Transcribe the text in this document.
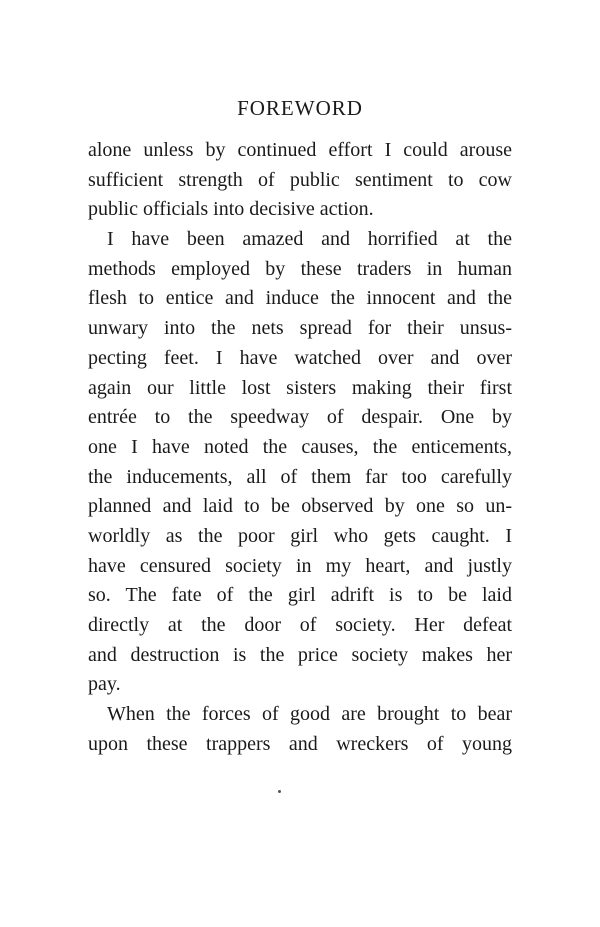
FOREWORD
alone unless by continued effort I could arouse
sufficient strength of public sentiment to cow
public officials into decisive action.
I have been amazed and horrified at the
methods employed by these traders in human
flesh to entice and induce the innocent and the
unwary into the nets spread for their unsus-
pecting feet. I have watched over and over
again our little lost sisters making their first
entrée to the speedway of despair. One by
one I have noted the causes, the enticements,
the inducements, all of them far too carefully
planned and laid to be observed by one so un-
worldly as the poor girl who gets caught. I
have censured society in my heart, and justly
so. The fate of the girl adrift is to be laid
directly at the door of society. Her defeat
and destruction is the price society makes her
pay.
When the forces of good are brought to bear
upon these trappers and wreckers of young
